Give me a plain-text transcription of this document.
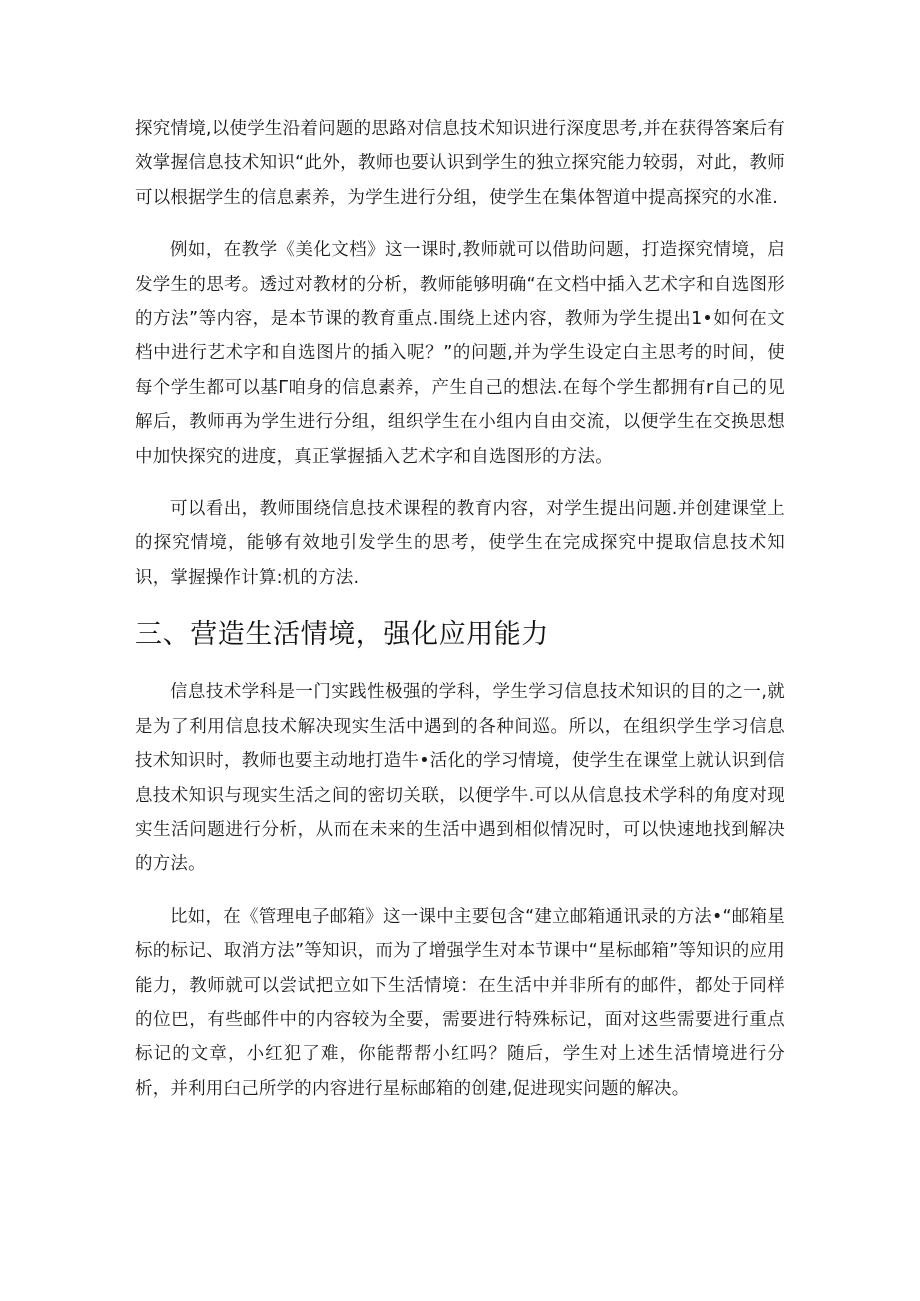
探究情境,以使学生沿着问题的思路对信息技术知识进行深度思考,并在获得答案后有效掌握信息技术知识“此外，教师也要认识到学生的独立探究能力较弱，对此，教师可以根据学生的信息素养，为学生进行分组，使学生在集体智道中提高探究的水准.

例如，在教学《美化文档》这一课时,教师就可以借助问题，打造探究情境，启发学生的思考。透过对教材的分析，教师能够明确“在文档中插入艺术字和自选图形的方法”等内容，是本节课的教育重点.围绕上述内容，教师为学生提出1•如何在文档中进行艺术字和自选图片的插入呢？”的问题,并为学生设定白主思考的时间，使每个学生都可以基Γ咱身的信息素养，产生自己的想法.在每个学生都拥有r自己的见解后，教师再为学生进行分组，组织学生在小组内自由交流，以便学生在交换思想中加快探究的进度，真正掌握插入艺术字和自选图形的方法。

可以看出，教师围绕信息技术课程的教育内容，对学生提出问题.并创建课堂上的探究情境，能够有效地引发学生的思考，使学生在完成探究中提取信息技术知识，掌握操作计算:机的方法.

三、营造生活情境，强化应用能力

信息技术学科是一门实践性极强的学科，学生学习信息技术知识的目的之一,就是为了利用信息技术解决现实生活中遇到的各种间巡。所以，在组织学生学习信息技术知识时，教师也要主动地打造牛•活化的学习情境，使学生在课堂上就认识到信息技术知识与现实生活之间的密切关联，以便学牛.可以从信息技术学科的角度对现实生活问题进行分析，从而在未来的生活中遇到相似情况时，可以快速地找到解决的方法。

比如，在《管理电子邮箱》这一课中主要包含“建立邮箱通讯录的方法•“邮箱星标的标记、取消方法”等知识，而为了增强学生对本节课中“星标邮箱”等知识的应用能力，教师就可以尝试把立如下生活情境：在生活中并非所有的邮件，都处于同样的位巴，有些邮件中的内容较为全要，需要进行特殊标记，面对这些需要进行重点标记的文章，小红犯了难，你能帮帮小红吗？随后，学生对上述生活情境进行分析，并利用臼己所学的内容进行星标邮箱的创建,促进现实问题的解决。
